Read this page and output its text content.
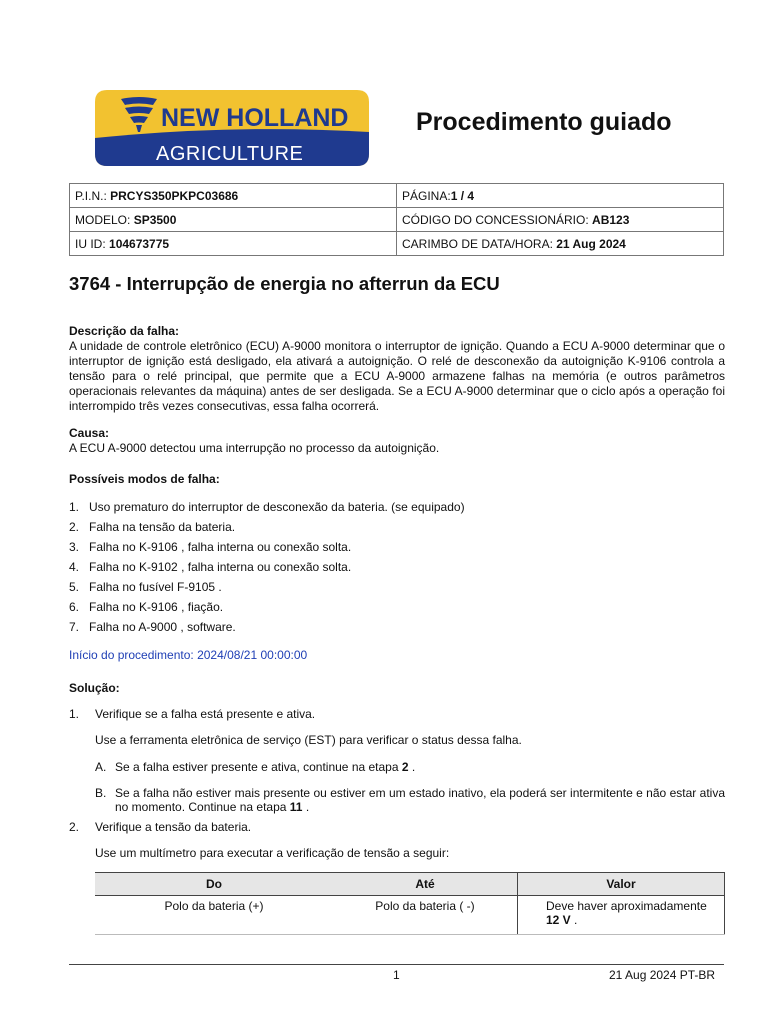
NEW HOLLAND
AGRICULTURE
Procedimento guiado
P.I.N.: PRCYS350PKPC03686	PÁGINA:1 / 4
MODELO: SP3500	CÓDIGO DO CONCESSIONÁRIO: AB123
IU ID: 104673775	CARIMBO DE DATA/HORA: 21 Aug 2024
3764 - Interrupção de energia no afterrun da ECU
Descrição da falha:
A unidade de controle eletrônico (ECU) A-9000 monitora o interruptor de ignição. Quando a ECU A-9000 determinar que o interruptor de ignição está desligado, ela ativará a autoignição. O relé de desconexão da autoignição K-9106 controla a tensão para o relé principal, que permite que a ECU A-9000 armazene falhas na memória (e outros parâmetros operacionais relevantes da máquina) antes de ser desligada. Se a ECU A-9000 determinar que o ciclo após a operação foi interrompido três vezes consecutivas, essa falha ocorrerá.
Causa:
A ECU A-9000 detectou uma interrupção no processo da autoignição.
Possíveis modos de falha:
1. Uso prematuro do interruptor de desconexão da bateria. (se equipado)
2. Falha na tensão da bateria.
3. Falha no K-9106 , falha interna ou conexão solta.
4. Falha no K-9102 , falha interna ou conexão solta.
5. Falha no fusível F-9105 .
6. Falha no K-9106 , fiação.
7. Falha no A-9000 , software.
Início do procedimento: 2024/08/21 00:00:00
Solução:
1. Verifique se a falha está presente e ativa.
Use a ferramenta eletrônica de serviço (EST) para verificar o status dessa falha.
A. Se a falha estiver presente e ativa, continue na etapa 2 .
B. Se a falha não estiver mais presente ou estiver em um estado inativo, ela poderá ser intermitente e não estar ativa no momento. Continue na etapa 11 .
2. Verifique a tensão da bateria.
Use um multímetro para executar a verificação de tensão a seguir:
Do	Até	Valor
Polo da bateria (+)	Polo da bateria ( -)	Deve haver aproximadamente
12 V .
1	21 Aug 2024 PT-BR
